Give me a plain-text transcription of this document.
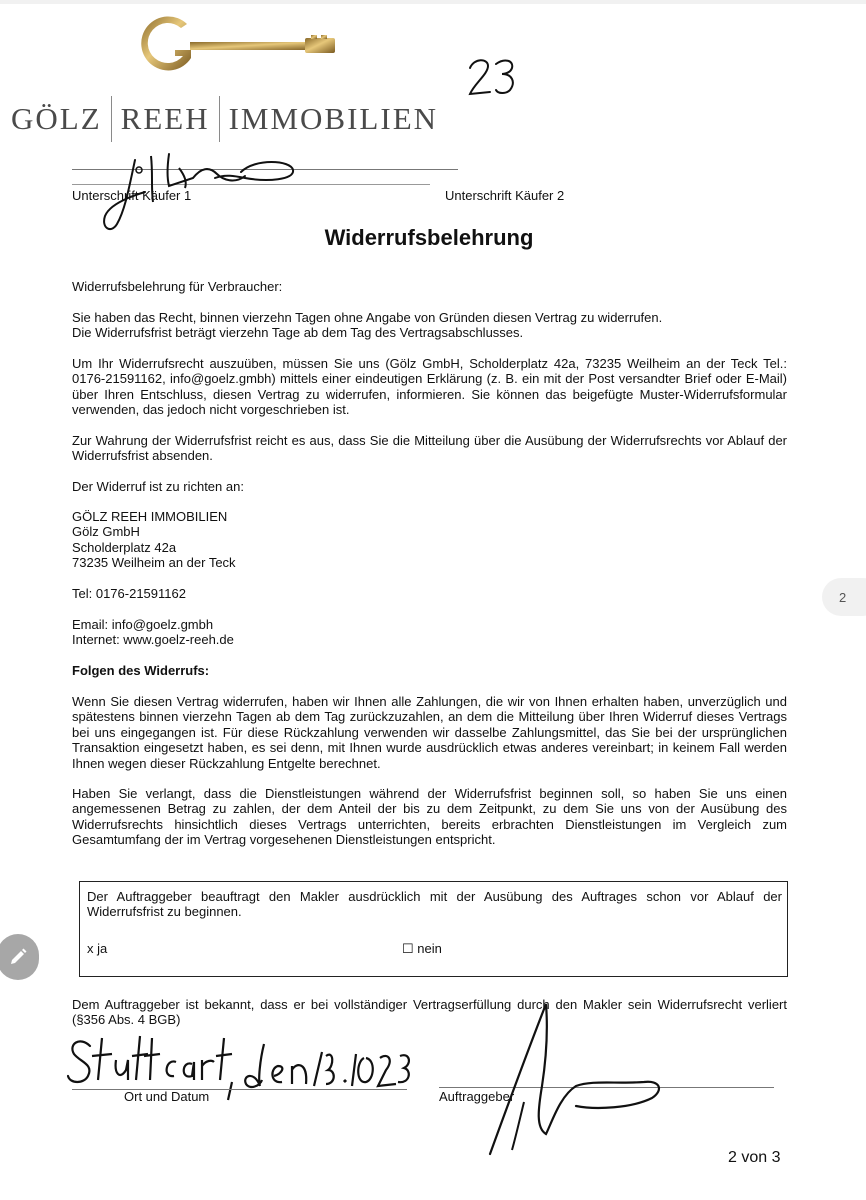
GÖLZ REEH IMMOBILIEN
Unterschrift Käufer 1	Unterschrift Käufer 2
Widerrufsbelehrung
Widerrufsbelehrung für Verbraucher:
Sie haben das Recht, binnen vierzehn Tagen ohne Angabe von Gründen diesen Vertrag zu widerrufen.
Die Widerrufsfrist beträgt vierzehn Tage ab dem Tag des Vertragsabschlusses.
Um Ihr Widerrufsrecht auszuüben, müssen Sie uns (Gölz GmbH, Scholderplatz 42a, 73235 Weilheim an der Teck Tel.: 0176-21591162, info@goelz.gmbh) mittels einer eindeutigen Erklärung (z. B. ein mit der Post versandter Brief oder E-Mail) über Ihren Entschluss, diesen Vertrag zu widerrufen, informieren. Sie können das beigefügte Muster-Widerrufsformular verwenden, das jedoch nicht vorgeschrieben ist.
Zur Wahrung der Widerrufsfrist reicht es aus, dass Sie die Mitteilung über die Ausübung der Widerrufsrechts vor Ablauf der Widerrufsfrist absenden.
Der Widerruf ist zu richten an:
GÖLZ REEH IMMOBILIEN
Gölz GmbH
Scholderplatz 42a
73235 Weilheim an der Teck
Tel: 0176-21591162
Email: info@goelz.gmbh
Internet: www.goelz-reeh.de
Folgen des Widerrufs:
Wenn Sie diesen Vertrag widerrufen, haben wir Ihnen alle Zahlungen, die wir von Ihnen erhalten haben, unverzüglich und spätestens binnen vierzehn Tagen ab dem Tag zurückzuzahlen, an dem die Mitteilung über Ihren Widerruf dieses Vertrags bei uns eingegangen ist. Für diese Rückzahlung verwenden wir dasselbe Zahlungsmittel, das Sie bei der ursprünglichen Transaktion eingesetzt haben, es sei denn, mit Ihnen wurde ausdrücklich etwas anderes vereinbart; in keinem Fall werden Ihnen wegen dieser Rückzahlung Entgelte berechnet.
Haben Sie verlangt, dass die Dienstleistungen während der Widerrufsfrist beginnen soll, so haben Sie uns einen angemessenen Betrag zu zahlen, der dem Anteil der bis zu dem Zeitpunkt, zu dem Sie uns von der Ausübung des Widerrufsrechts hinsichtlich dieses Vertrags unterrichten, bereits erbrachten Dienstleistungen im Vergleich zum Gesamtumfang der im Vertrag vorgesehenen Dienstleistungen entspricht.
2
Der Auftraggeber beauftragt den Makler ausdrücklich mit der Ausübung des Auftrages schon vor Ablauf der Widerrufsfrist zu beginnen.
x ja	☐ nein
Dem Auftraggeber ist bekannt, dass er bei vollständiger Vertragserfüllung durch den Makler sein Widerrufsrecht verliert (§356 Abs. 4 BGB)
Ort und Datum	Auftraggeber
2 von 3
